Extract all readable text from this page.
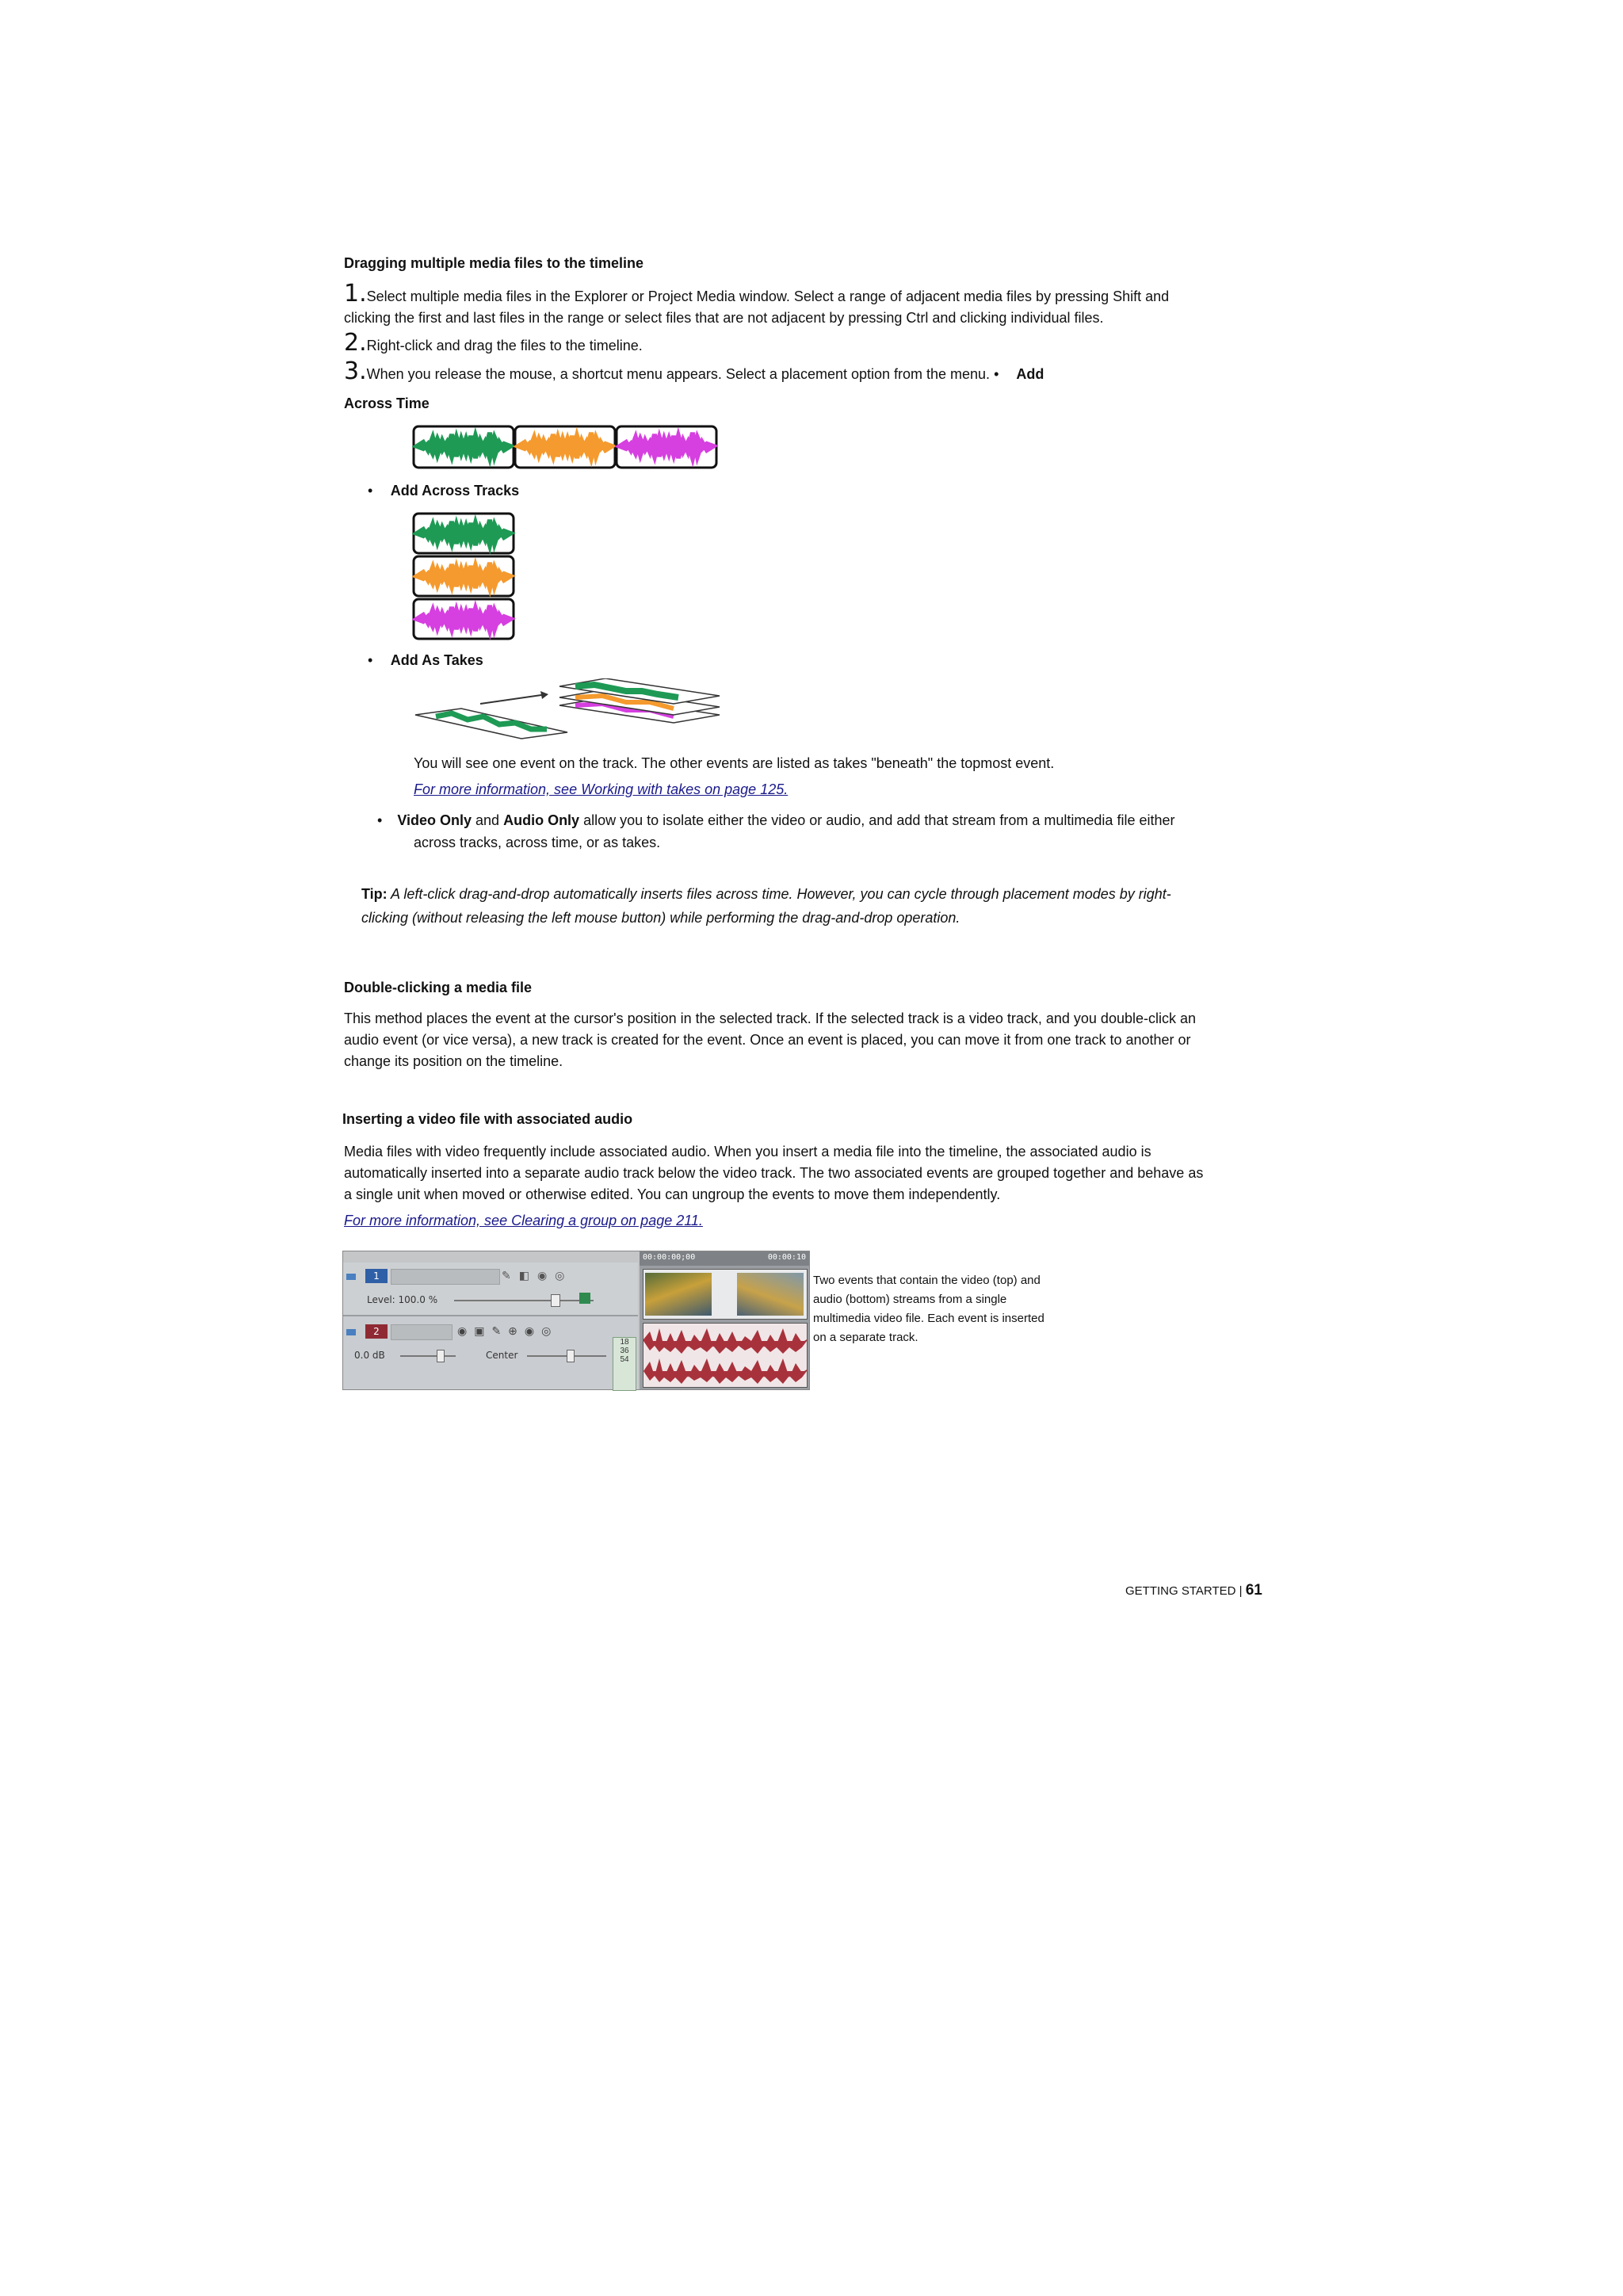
Dragging multiple media files to the timeline
1.Select multiple media files in the Explorer or Project Media window. Select a range of adjacent media files by pressing Shift and
clicking the first and last files in the range or select files that are not adjacent by pressing Ctrl and clicking individual files.
2.Right-click and drag the files to the timeline.
3.When you release the mouse, a shortcut menu appears. Select a placement option from the menu. • Add
Across Time
• Add Across Tracks
• Add As Takes
You will see one event on the track. The other events are listed as takes "beneath" the topmost event.
For more information, see Working with takes on page 125.
• Video Only and Audio Only allow you to isolate either the video or audio, and add that stream from a multimedia file either
across tracks, across time, or as takes.
Tip: A left-click drag-and-drop automatically inserts files across time. However, you can cycle through placement modes by right-
clicking (without releasing the left mouse button) while performing the drag-and-drop operation.
Double-clicking a media file
This method places the event at the cursor's position in the selected track. If the selected track is a video track, and you double-click an
audio event (or vice versa), a new track is created for the event. Once an event is placed, you can move it from one track to another or
change its position on the timeline.
Inserting a video file with associated audio
Media files with video frequently include associated audio. When you insert a media file into the timeline, the associated audio is
automatically inserted into a separate audio track below the video track. The two associated events are grouped together and behave as
a single unit when moved or otherwise edited. You can ungroup the events to move them independently.
For more information, see Clearing a group on page 211.
1	✎◧◉◎
Level: 100.0 %
2	◉▣✎⊕◉◎
0.0 dB	Center
18
36
54
00:00:00;00	00:00:10
Two events that contain the video (top) and
audio (bottom) streams from a single
multimedia video file. Each event is inserted
on a separate track.
GETTING STARTED | 61
